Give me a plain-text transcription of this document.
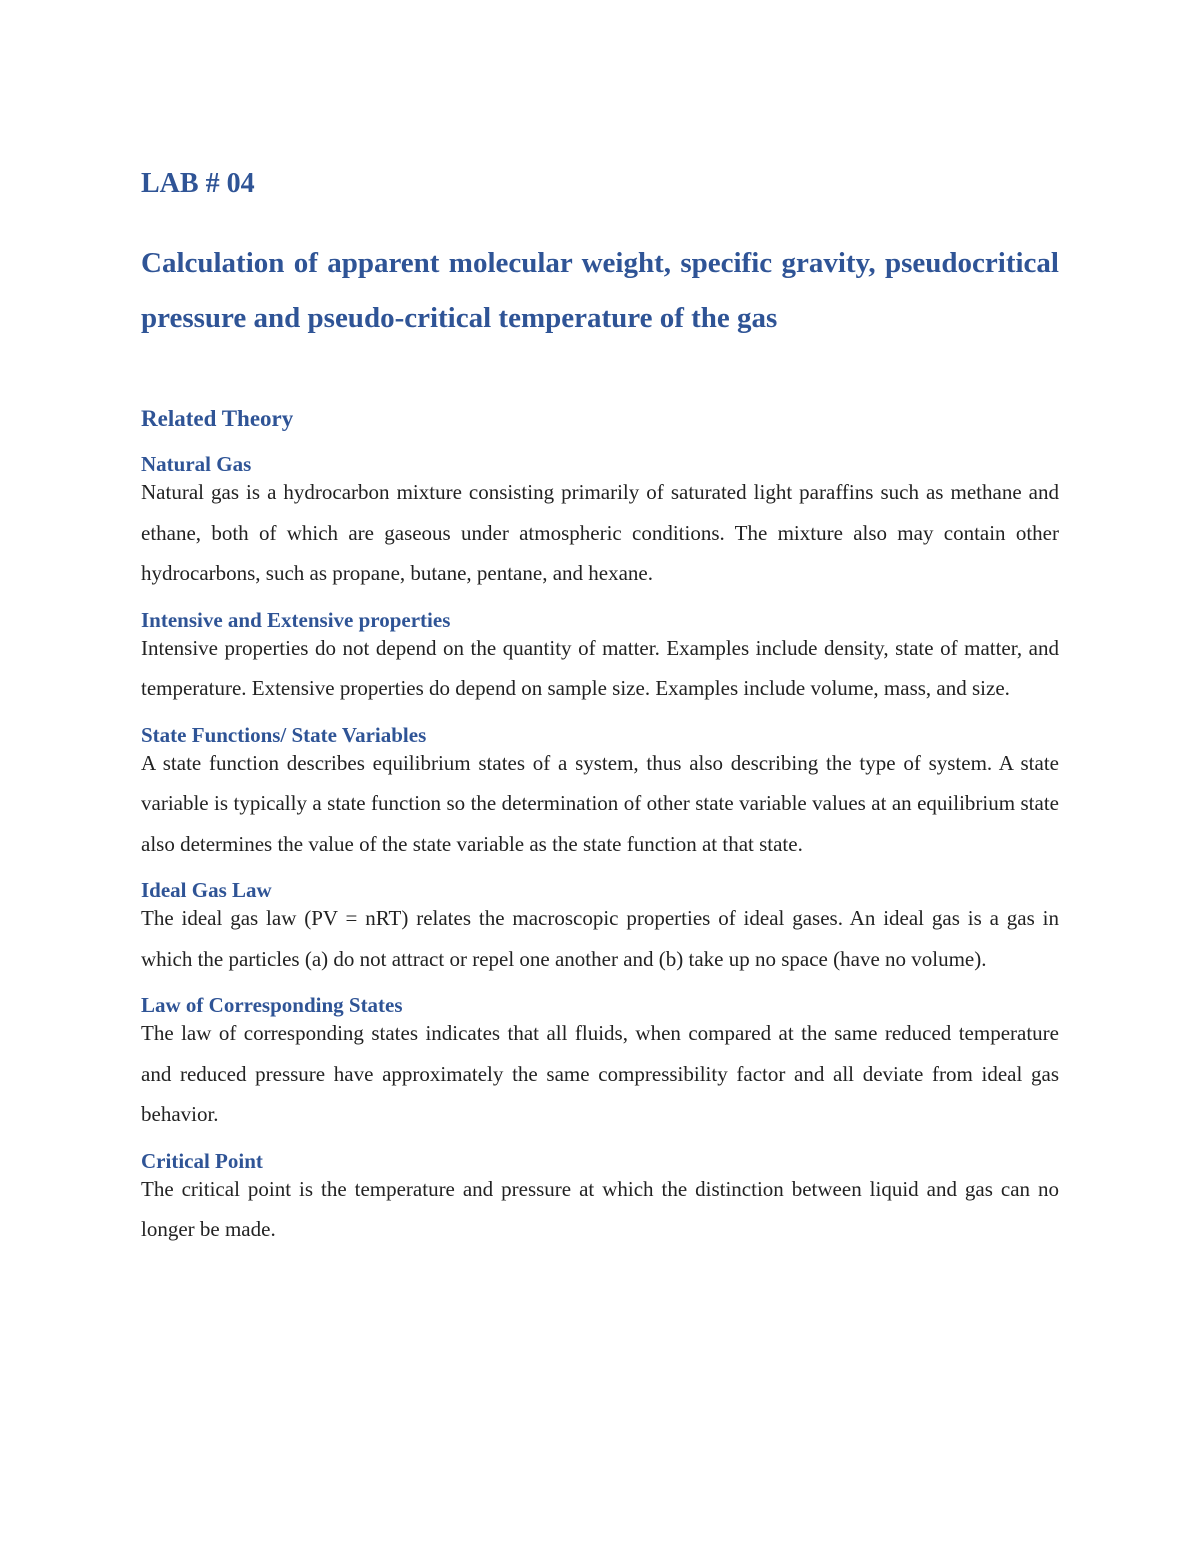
LAB # 04
Calculation of apparent molecular weight, specific gravity, pseudocritical pressure and pseudo-critical temperature of the gas
Related Theory
Natural Gas
Natural gas is a hydrocarbon mixture consisting primarily of saturated light paraffins such as methane and ethane, both of which are gaseous under atmospheric conditions. The mixture also may contain other hydrocarbons, such as propane, butane, pentane, and hexane.
Intensive and Extensive properties
Intensive properties do not depend on the quantity of matter. Examples include density, state of matter, and temperature. Extensive properties do depend on sample size. Examples include volume, mass, and size.
State Functions/ State Variables
A state function describes equilibrium states of a system, thus also describing the type of system. A state variable is typically a state function so the determination of other state variable values at an equilibrium state also determines the value of the state variable as the state function at that state.
Ideal Gas Law
The ideal gas law (PV = nRT) relates the macroscopic properties of ideal gases. An ideal gas is a gas in which the particles (a) do not attract or repel one another and (b) take up no space (have no volume).
Law of Corresponding States
The law of corresponding states indicates that all fluids, when compared at the same reduced temperature and reduced pressure have approximately the same compressibility factor and all deviate from ideal gas behavior.
Critical Point
The critical point is the temperature and pressure at which the distinction between liquid and gas can no longer be made.
